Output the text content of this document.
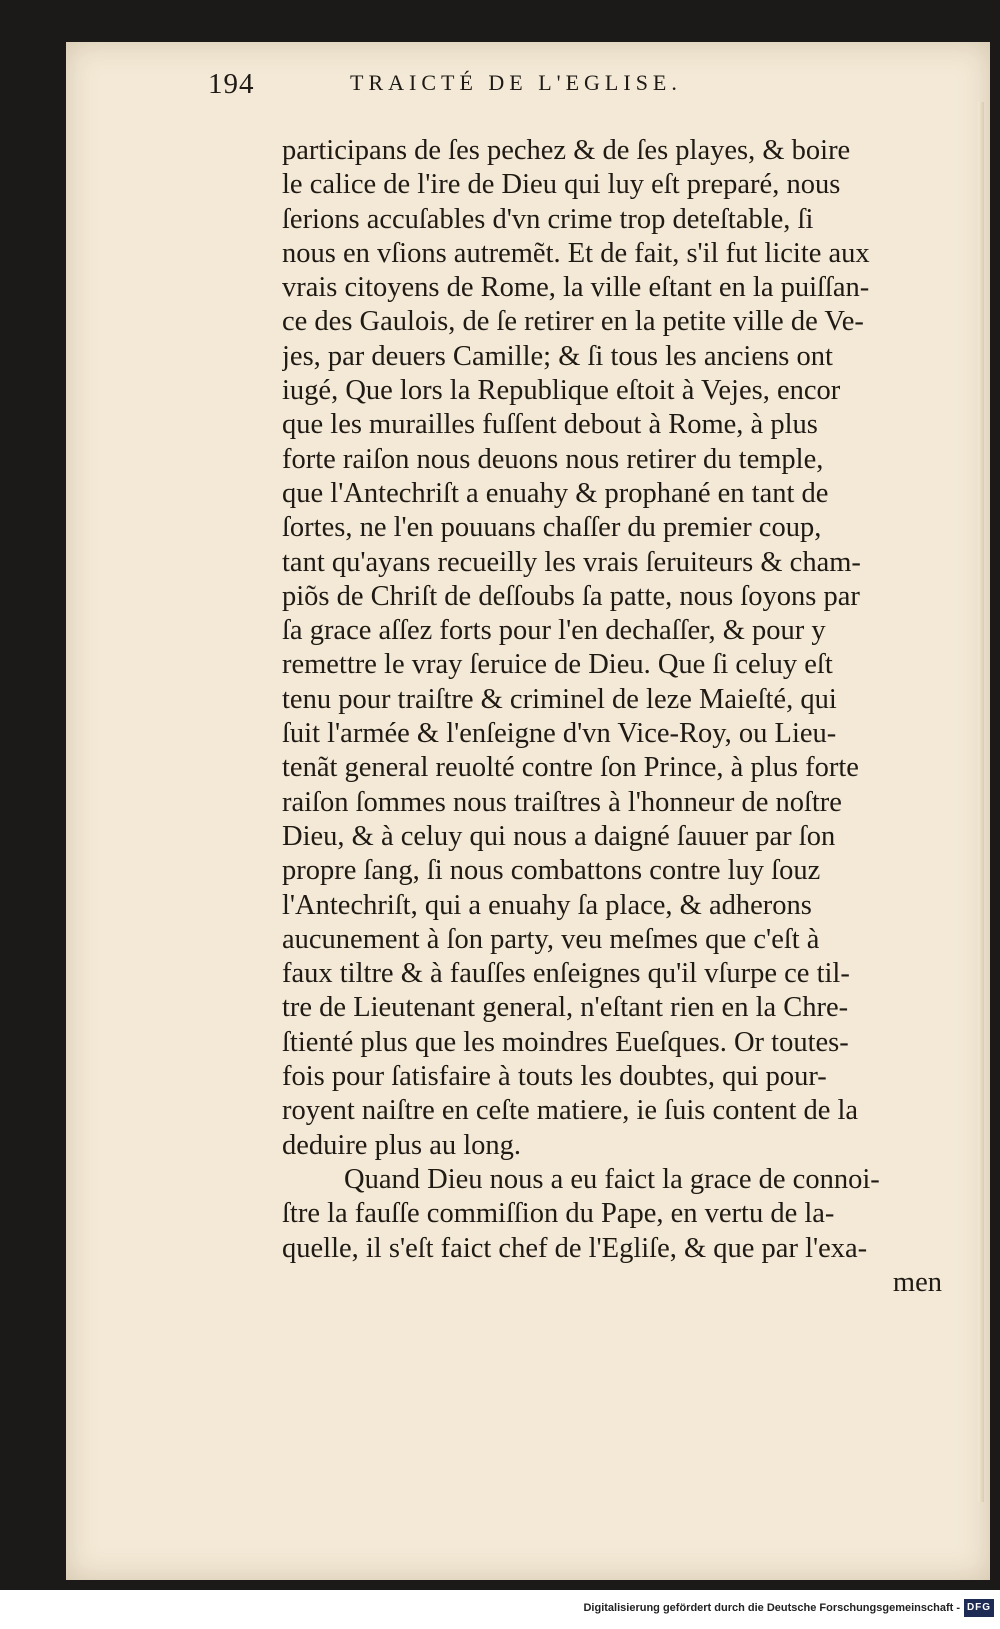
194	TRAICTÉ DE L'EGLISE.
participans de ſes pechez & de ſes playes, & boire
le calice de l'ire de Dieu qui luy eſt preparé, nous
ſerions accuſables d'vn crime trop deteſtable, ſi
nous en vſions autremẽt. Et de fait, s'il fut licite aux
vrais citoyens de Rome, la ville eſtant en la puiſſan-
ce des Gaulois, de ſe retirer en la petite ville de Ve-
jes, par deuers Camille; & ſi tous les anciens ont
iugé, Que lors la Republique eſtoit à Vejes, encor
que les murailles fuſſent debout à Rome, à plus
forte raiſon nous deuons nous retirer du temple,
que l'Antechriſt a enuahy & prophané en tant de
ſortes, ne l'en pouuans chaſſer du premier coup,
tant qu'ayans recueilly les vrais ſeruiteurs & cham-
piõs de Chriſt de deſſoubs ſa patte, nous ſoyons par
ſa grace aſſez forts pour l'en dechaſſer, & pour y
remettre le vray ſeruice de Dieu. Que ſi celuy eſt
tenu pour traiſtre & criminel de leze Maieſté, qui
ſuit l'armée & l'enſeigne d'vn Vice-Roy, ou Lieu-
tenãt general reuolté contre ſon Prince, à plus forte
raiſon ſommes nous traiſtres à l'honneur de noſtre
Dieu, & à celuy qui nous a daigné ſauuer par ſon
propre ſang, ſi nous combattons contre luy ſouz
l'Antechriſt, qui a enuahy ſa place, & adherons
aucunement à ſon party, veu meſmes que c'eſt à
faux tiltre & à fauſſes enſeignes qu'il vſurpe ce til-
tre de Lieutenant general, n'eſtant rien en la Chre-
ſtienté plus que les moindres Eueſques. Or toutes-
fois pour ſatisfaire à touts les doubtes, qui pour-
royent naiſtre en ceſte matiere, ie ſuis content de la
deduire plus au long.
Quand Dieu nous a eu faict la grace de connoi-
ſtre la fauſſe commiſſion du Pape, en vertu de la-
quelle, il s'eſt faict chef de l'Egliſe, & que par l'exa-
men
Digitalisierung gefördert durch die Deutsche Forschungsgemeinschaft - DFG
